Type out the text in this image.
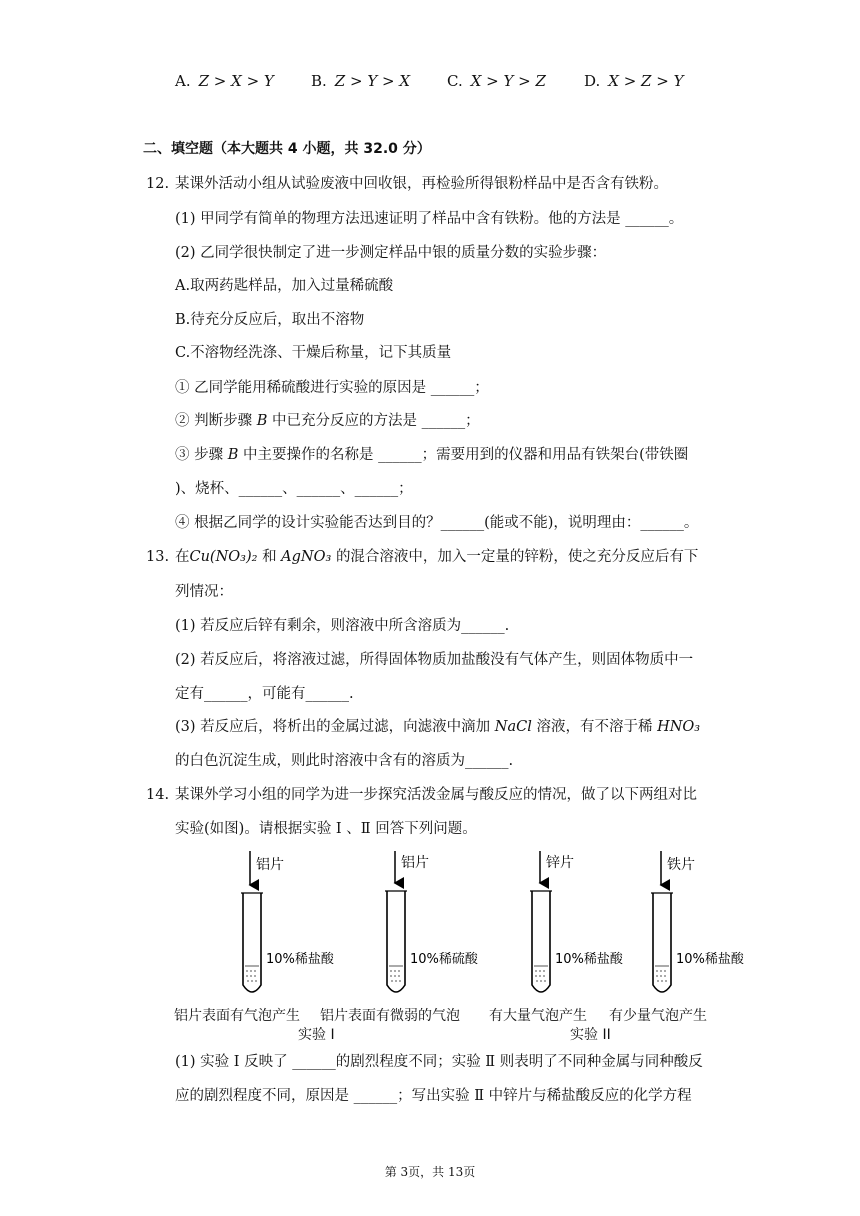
A. Z > X > Y B. Z > Y > X C. X > Y > Z	D. X > Z > Y
二、填空题（本大题共 4 小题，共 32.0 分）
12. 某课外活动小组从试验废液中回收银，再检验所得银粉样品中是否含有铁粉。
(1) 甲同学有简单的物理方法迅速证明了样品中含有铁粉。他的方法是 ______。
(2) 乙同学很快制定了进一步测定样品中银的质量分数的实验步骤：
A.取两药匙样品，加入过量稀硫酸
B.待充分反应后，取出不溶物
C.不溶物经洗涤、干燥后称量，记下其质量
① 乙同学能用稀硫酸进行实验的原因是 ______；
② 判断步骤 B 中已充分反应的方法是 ______；
③ 步骤 B 中主要操作的名称是 ______；需要用到的仪器和用品有铁架台(带铁圈
)、烧杯、______、______、______；
④ 根据乙同学的设计实验能否达到目的？______(能或不能)，说明理由：______。
13. 在Cu(NO₃)₂ 和 AgNO₃ 的混合溶液中，加入一定量的锌粉，使之充分反应后有下
列情况：
(1) 若反应后锌有剩余，则溶液中所含溶质为______.
(2) 若反应后，将溶液过滤，所得固体物质加盐酸没有气体产生，则固体物质中一
定有______，可能有______.
(3) 若反应后，将析出的金属过滤，向滤液中滴加 NaCl 溶液，有不溶于稀 HNO₃
的白色沉淀生成，则此时溶液中含有的溶质为______.
14. 某课外学习小组的同学为进一步探究活泼金属与酸反应的情况，做了以下两组对比
实验(如图)。请根据实验 Ⅰ 、Ⅱ 回答下列问题。
铝片
10%稀盐酸
铝片
10%稀硫酸
锌片
10%稀盐酸
铁片
10%稀盐酸
铝片表面有气泡产生 铝片表面有微弱的气泡 有大量气泡产生 有少量气泡产生
实验 I	实验 II
(1) 实验 I 反映了 ______的剧烈程度不同；实验 Ⅱ 则表明了不同种金属与同种酸反
应的剧烈程度不同，原因是 ______；写出实验 Ⅱ 中锌片与稀盐酸反应的化学方程
第 3页，共 13页
